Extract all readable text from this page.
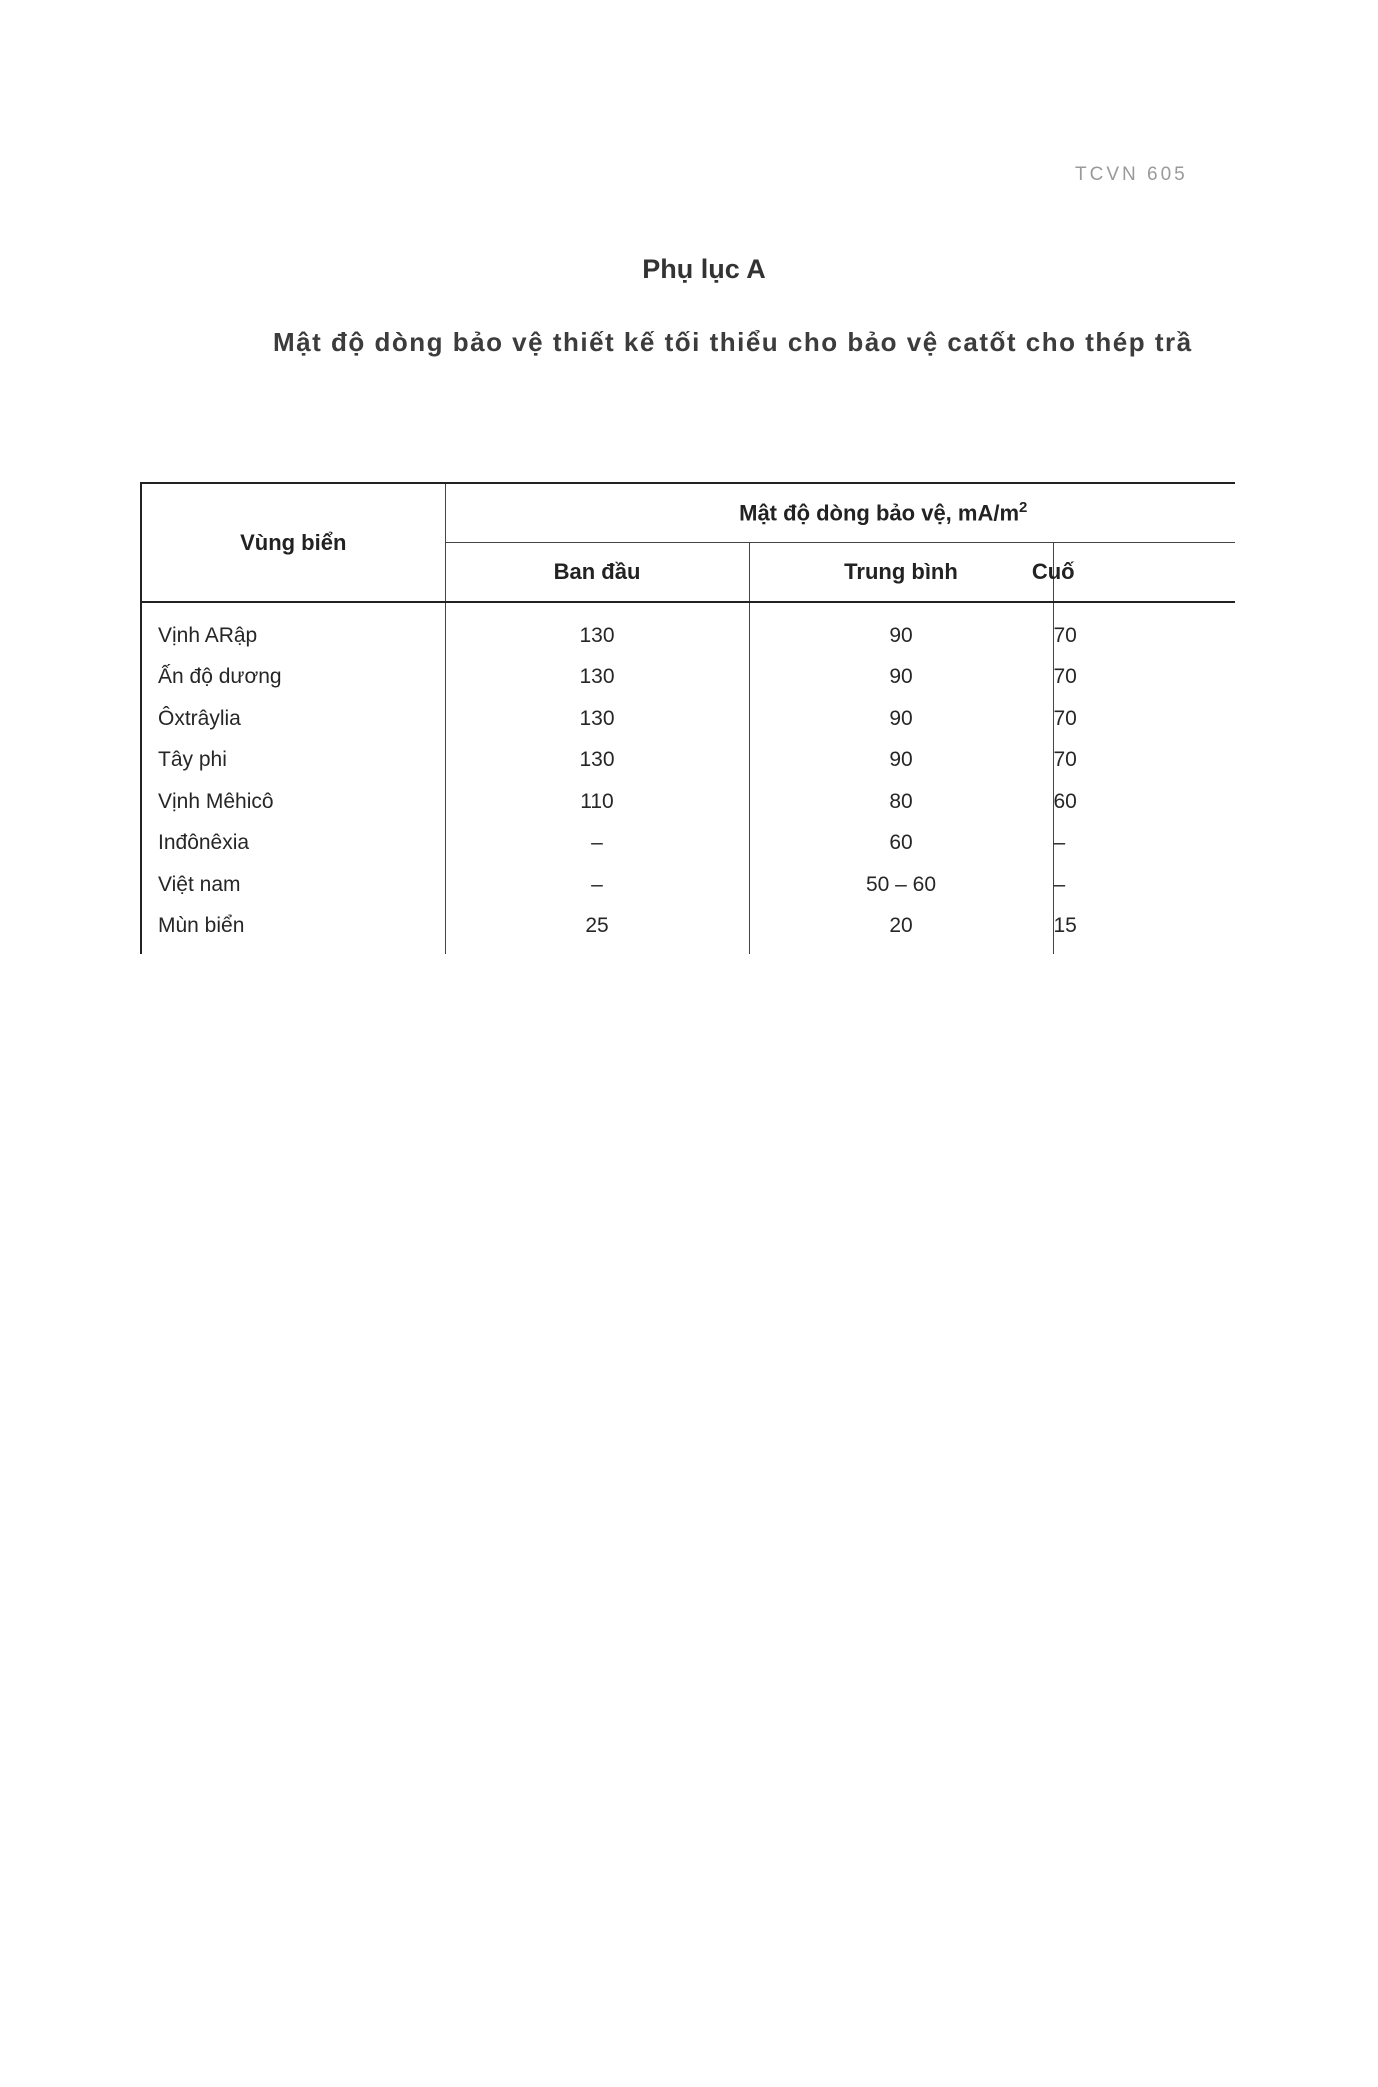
TCVN 605
Phụ lục A
Mật độ dòng bảo vệ thiết kế tối thiểu cho bảo vệ catốt cho thép trầ
Vùng biển	Mật độ dòng bảo vệ, $mA/m^2$
	Ban đầu	Trung bình	Cuố
Vịnh ARập	130	90	70
Ấn độ dương	130	90	70
Ôxtrâylia	130	90	70
Tây phi	130	90	70
Vịnh Mêhicô	110	80	60
Inđônêxia	–	60	–
Việt nam	–	50 – 60	–
Mùn biển	25	20	15
